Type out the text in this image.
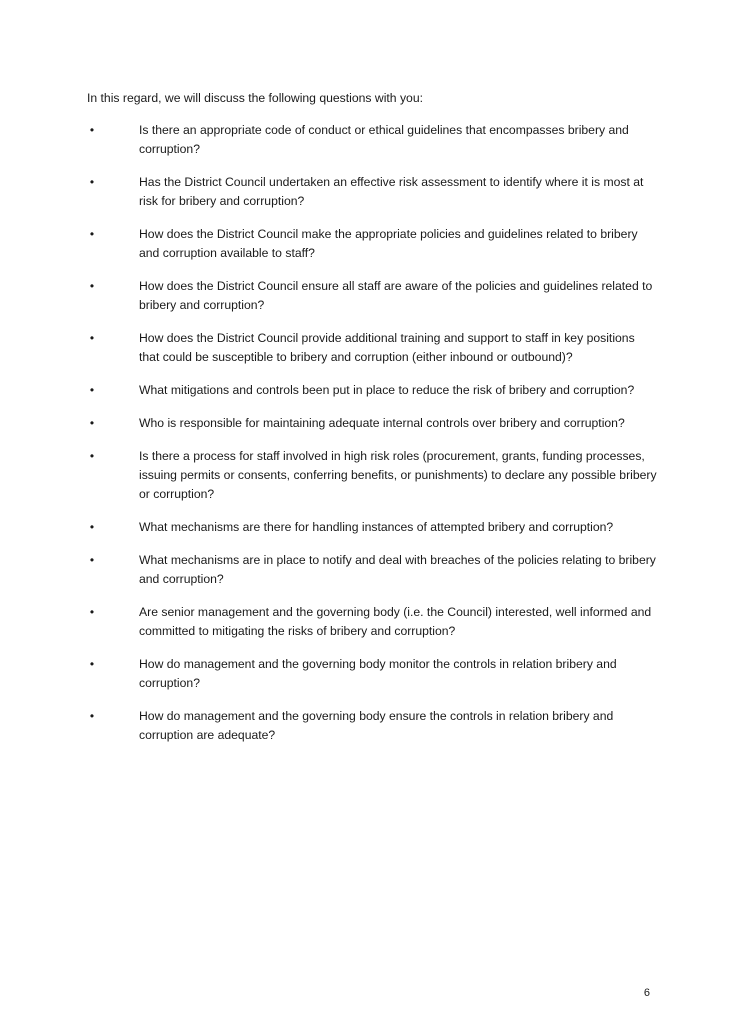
In this regard, we will discuss the following questions with you:

•	Is there an appropriate code of conduct or ethical guidelines that encompasses bribery and corruption?
•	Has the District Council undertaken an effective risk assessment to identify where it is most at risk for bribery and corruption?
•	How does the District Council make the appropriate policies and guidelines related to bribery and corruption available to staff?
•	How does the District Council ensure all staff are aware of the policies and guidelines related to bribery and corruption?
•	How does the District Council provide additional training and support to staff in key positions that could be susceptible to bribery and corruption (either inbound or outbound)?
•	What mitigations and controls been put in place to reduce the risk of bribery and corruption?
•	Who is responsible for maintaining adequate internal controls over bribery and corruption?
•	Is there a process for staff involved in high risk roles (procurement, grants, funding processes, issuing permits or consents, conferring benefits, or punishments) to declare any possible bribery or corruption?
•	What mechanisms are there for handling instances of attempted bribery and corruption?
•	What mechanisms are in place to notify and deal with breaches of the policies relating to bribery and corruption?
•	Are senior management and the governing body (i.e. the Council) interested, well informed and committed to mitigating the risks of bribery and corruption?
•	How do management and the governing body monitor the controls in relation bribery and corruption?
•	How do management and the governing body ensure the controls in relation bribery and corruption are adequate?
6
